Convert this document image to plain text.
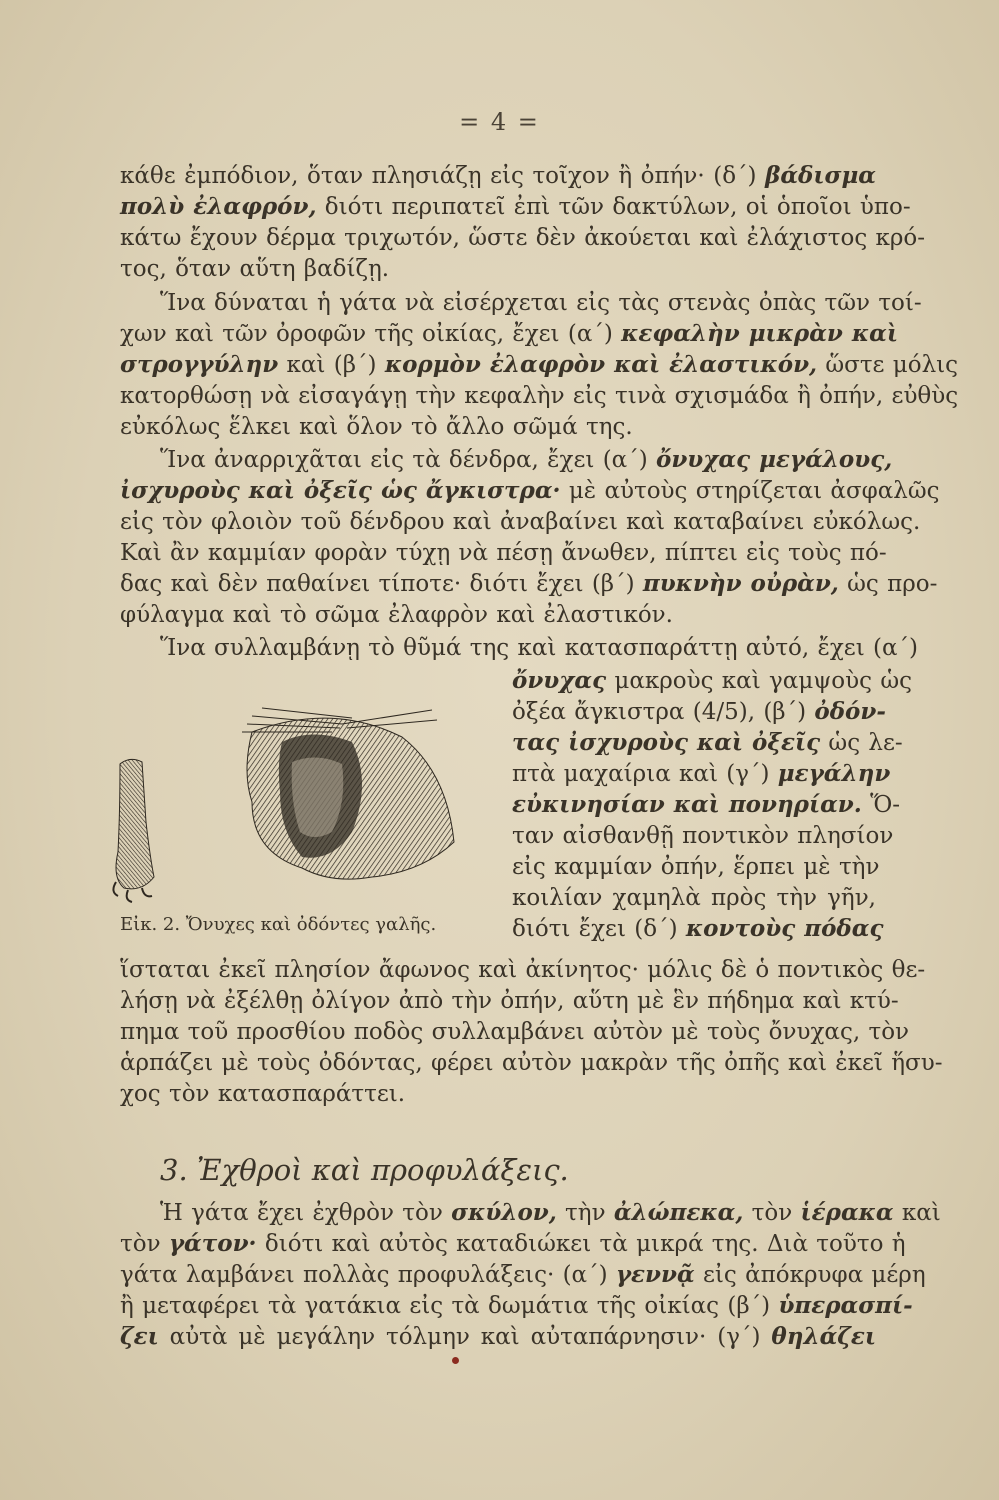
= 4 =
κάθε ἐμπόδιον, ὅταν πλησιάζῃ εἰς τοῖχον ἢ ὀπήν· (δ΄) βάδισμα
πολὺ ἐλαφρόν, διότι περιπατεῖ ἐπὶ τῶν δακτύλων, οἱ ὁποῖοι ὑπο-
κάτω ἔχουν δέρμα τριχωτόν, ὥστε δὲν ἀκούεται καὶ ἐλάχιστος κρό-
τος, ὅταν αὕτη βαδίζῃ.
Ἵνα δύναται ἡ γάτα νὰ εἰσέρχεται εἰς τὰς στενὰς ὀπὰς τῶν τοί-
χων καὶ τῶν ὀροφῶν τῆς οἰκίας, ἔχει (α΄) κεφαλὴν μικρὰν καὶ
στρογγύλην καὶ (β΄) κορμὸν ἐλαφρὸν καὶ ἐλαστικόν, ὥστε μόλις
κατορθώσῃ νὰ εἰσαγάγῃ τὴν κεφαλὴν εἰς τινὰ σχισμάδα ἢ ὀπήν, εὐθὺς
εὐκόλως ἕλκει καὶ ὅλον τὸ ἄλλο σῶμά της.
Ἵνα ἀναρριχᾶται εἰς τὰ δένδρα, ἔχει (α΄) ὄνυχας μεγάλους,
ἰσχυροὺς καὶ ὀξεῖς ὡς ἄγκιστρα· μὲ αὐτοὺς στηρίζεται ἀσφαλῶς
εἰς τὸν φλοιὸν τοῦ δένδρου καὶ ἀναβαίνει καὶ καταβαίνει εὐκόλως.
Καὶ ἂν καμμίαν φορὰν τύχῃ νὰ πέσῃ ἄνωθεν, πίπτει εἰς τοὺς πό-
δας καὶ δὲν παθαίνει τίποτε· διότι ἔχει (β΄) πυκνὴν οὐρὰν, ὡς προ-
φύλαγμα καὶ τὸ σῶμα ἐλαφρὸν καὶ ἐλαστικόν.
Ἵνα συλλαμβάνῃ τὸ θῦμά της καὶ κατασπαράττῃ αὐτό, ἔχει (α΄)
ὄνυχας μακροὺς καὶ γαμψοὺς ὡς
ὀξέα ἄγκιστρα (4/5), (β΄) ὀδόν-
τας ἰσχυροὺς καὶ ὀξεῖς ὡς λε-
πτὰ μαχαίρια καὶ (γ΄) μεγάλην
εὐκινησίαν καὶ πονηρίαν. Ὅ-
ταν αἰσθανθῇ ποντικὸν πλησίον
εἰς καμμίαν ὀπήν, ἕρπει μὲ τὴν
κοιλίαν χαμηλὰ πρὸς τὴν γῆν,
διότι ἔχει (δ΄) κοντοὺς πόδας
ἵσταται ἐκεῖ πλησίον ἄφωνος καὶ ἀκίνητος· μόλις δὲ ὁ ποντικὸς θε-
λήσῃ νὰ ἐξέλθῃ ὀλίγον ἀπὸ τὴν ὀπήν, αὕτη μὲ ἓν πήδημα καὶ κτύ-
πημα τοῦ προσθίου ποδὸς συλλαμβάνει αὐτὸν μὲ τοὺς ὄνυχας, τὸν
ἁρπάζει μὲ τοὺς ὀδόντας, φέρει αὐτὸν μακρὰν τῆς ὀπῆς καὶ ἐκεῖ ἥσυ-
χος τὸν κατασπαράττει.
Ἡ γάτα ἔχει ἐχθρὸν τὸν σκύλον, τὴν ἀλώπεκα, τὸν ἱέρακα καὶ
τὸν γάτον· διότι καὶ αὐτὸς καταδιώκει τὰ μικρά της. Διὰ τοῦτο ἡ
γάτα λαμβάνει πολλὰς προφυλάξεις· (α΄) γεννᾷ εἰς ἀπόκρυφα μέρη
ἢ μεταφέρει τὰ γατάκια εἰς τὰ δωμάτια τῆς οἰκίας (β΄) ὑπερασπί-
ζει αὐτὰ μὲ μεγάλην τόλμην καὶ αὐταπάρνησιν· (γ΄) θηλάζει
3. Ἐχθροὶ καὶ προφυλάξεις.
Εἰκ. 2. Ὄνυχες καὶ ὀδόντες γαλῆς.
